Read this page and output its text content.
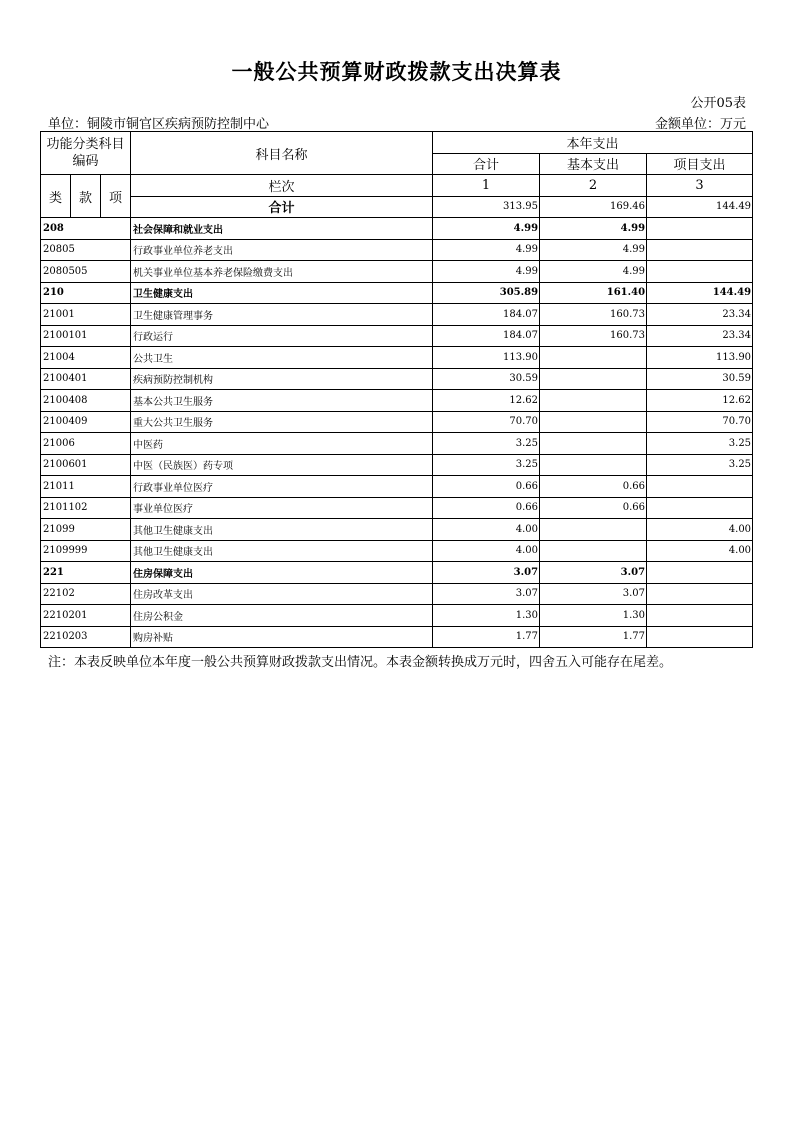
一般公共预算财政拨款支出决算表
公开05表
单位：铜陵市铜官区疾病预防控制中心	金额单位：万元
功能分类科目编码			科目名称	本年支出		
				合计	基本支出	项目支出
类	款	项	栏次	1	2	3
			合计	313.95	169.46	144.49
208			社会保障和就业支出	4.99	4.99	
20805			行政事业单位养老支出	4.99	4.99	
2080505			机关事业单位基本养老保险缴费支出	4.99	4.99	
210			卫生健康支出	305.89	161.40	144.49
21001			卫生健康管理事务	184.07	160.73	23.34
2100101			行政运行	184.07	160.73	23.34
21004			公共卫生	113.90		113.90
2100401			疾病预防控制机构	30.59		30.59
2100408			基本公共卫生服务	12.62		12.62
2100409			重大公共卫生服务	70.70		70.70
21006			中医药	3.25		3.25
2100601			中医（民族医）药专项	3.25		3.25
21011			行政事业单位医疗	0.66	0.66	
2101102			事业单位医疗	0.66	0.66	
21099			其他卫生健康支出	4.00		4.00
2109999			其他卫生健康支出	4.00		4.00
221			住房保障支出	3.07	3.07	
22102			住房改革支出	3.07	3.07	
2210201			住房公积金	1.30	1.30	
2210203			购房补贴	1.77	1.77	
注：本表反映单位本年度一般公共预算财政拨款支出情况。本表金额转换成万元时，四舍五入可能存在尾差。
